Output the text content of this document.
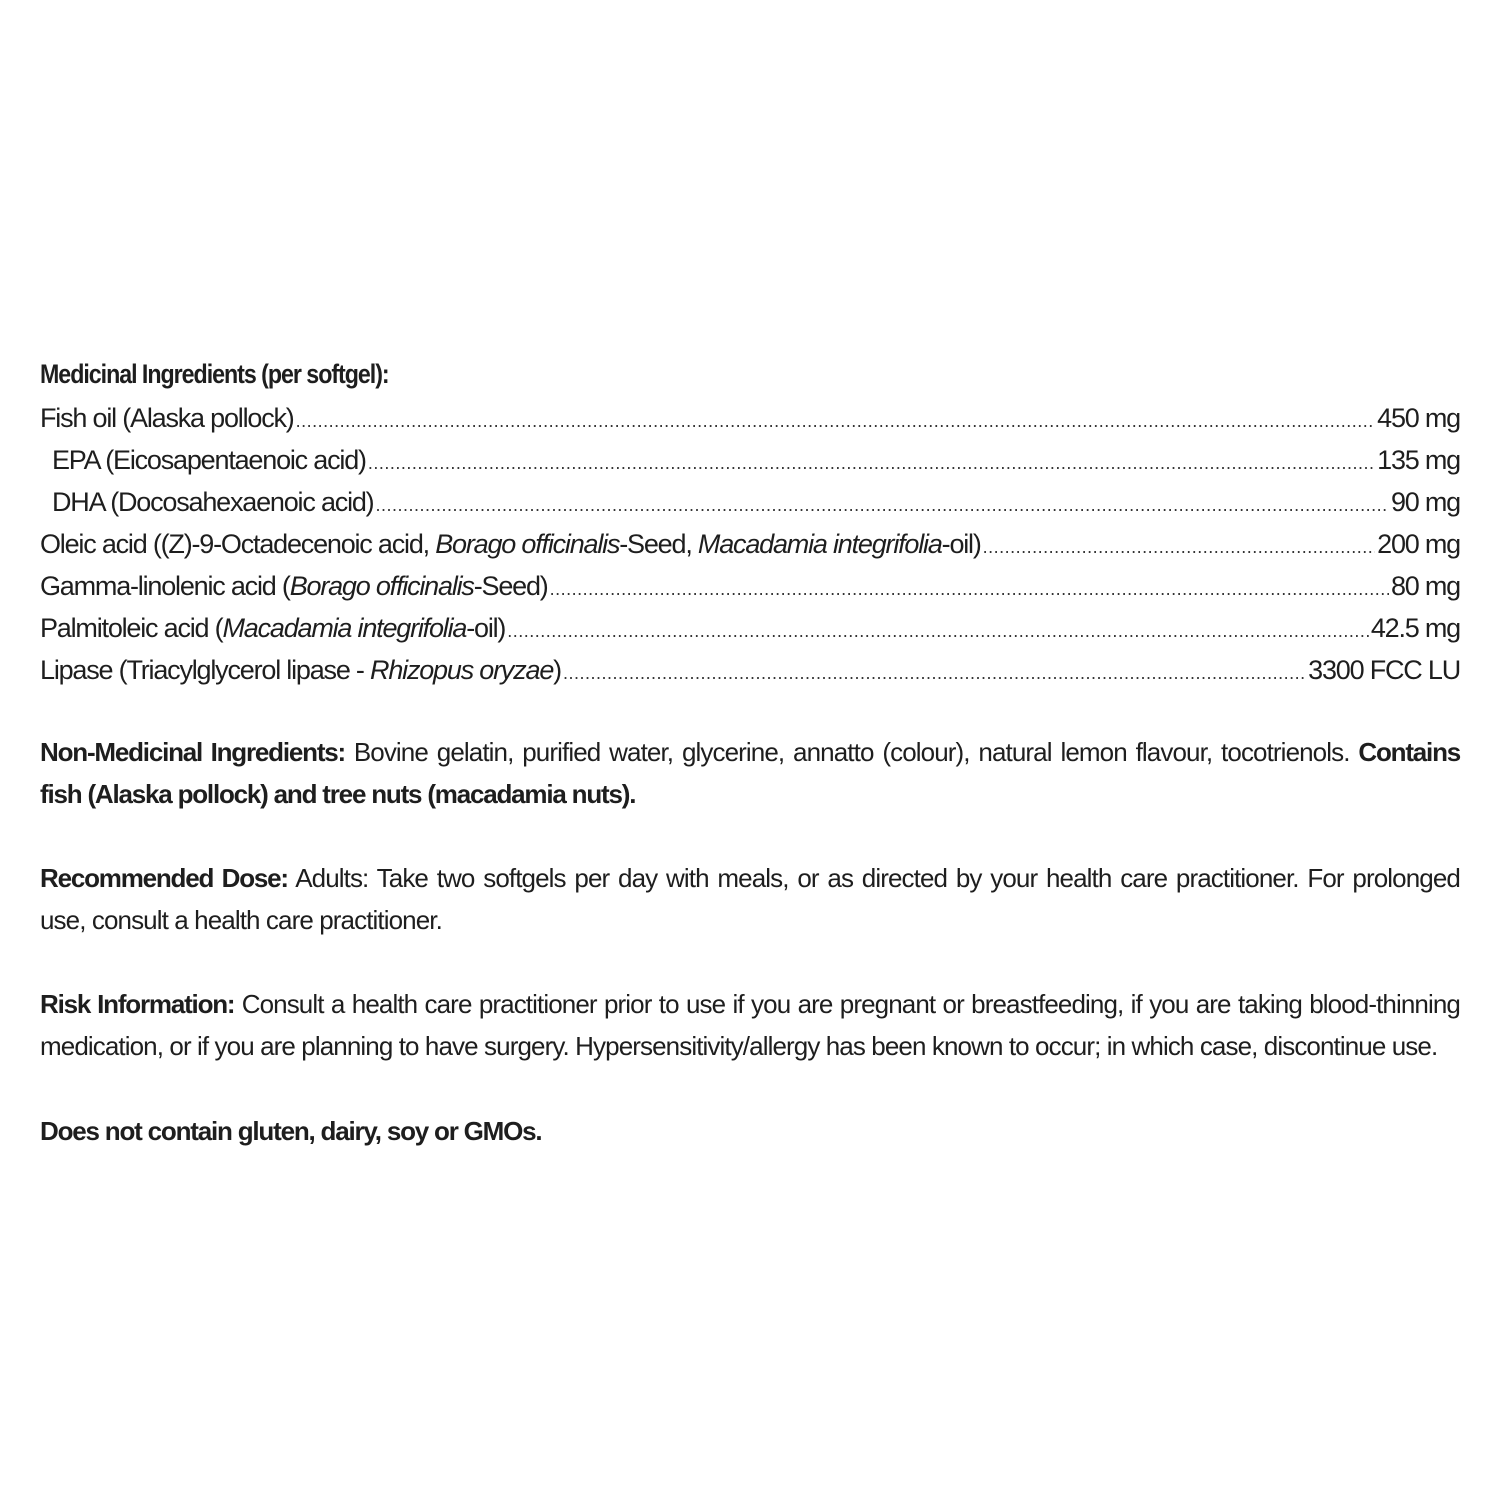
Medicinal Ingredients (per softgel):
Fish oil (Alaska pollock) .....	450 mg
EPA (Eicosapentaenoic acid) .....	135 mg
DHA (Docosahexaenoic acid) .....	90 mg
Oleic acid ((Z)-9-Octadecenoic acid, Borago officinalis-Seed, Macadamia integrifolia-oil) .....	200 mg
Gamma-linolenic acid (Borago officinalis-Seed) .....	80 mg
Palmitoleic acid (Macadamia integrifolia-oil) .....	42.5 mg
Lipase (Triacylglycerol lipase - Rhizopus oryzae) .....	3300 FCC LU
Non-Medicinal Ingredients: Bovine gelatin, purified water, glycerine, annatto (colour), natural lemon flavour, tocotrienols. Contains fish (Alaska pollock) and tree nuts (macadamia nuts).
Recommended Dose: Adults: Take two softgels per day with meals, or as directed by your health care practitioner. For prolonged use, consult a health care practitioner.
Risk Information: Consult a health care practitioner prior to use if you are pregnant or breastfeeding, if you are taking blood-thinning medication, or if you are planning to have surgery. Hypersensitivity/allergy has been known to occur; in which case, discontinue use.
Does not contain gluten, dairy, soy or GMOs.
